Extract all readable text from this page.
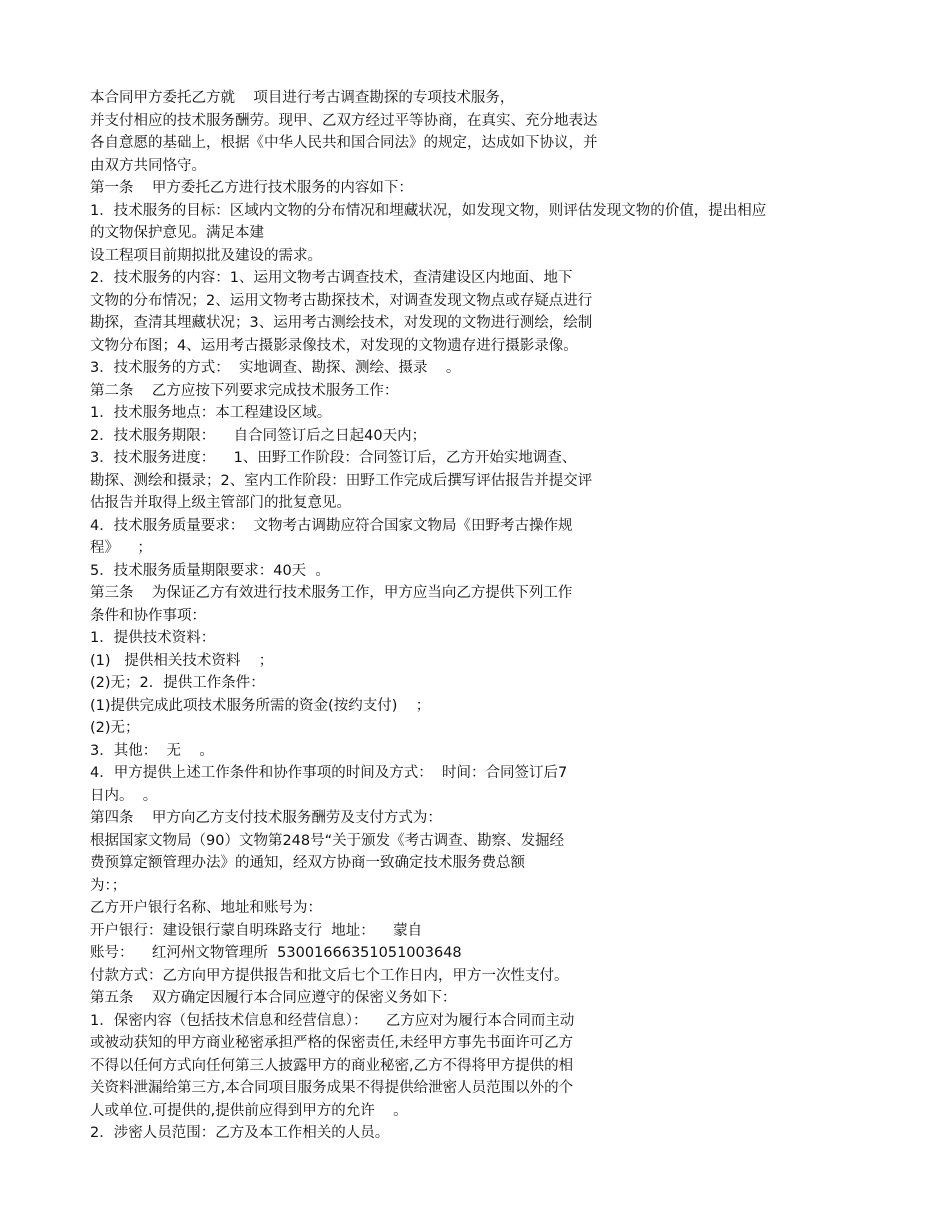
本合同甲方委托乙方就    项目进行考古调查勘探的专项技术服务，
并支付相应的技术服务酬劳。现甲、乙双方经过平等协商，在真实、充分地表达
各自意愿的基础上，根据《中华人民共和国合同法》的规定，达成如下协议，并
由双方共同恪守。
第一条    甲方委托乙方进行技术服务的内容如下：
1．技术服务的目标：区域内文物的分布情况和埋藏状况，如发现文物，则评估发现文物的价值，提出相应
的文物保护意见。满足本建
设工程项目前期拟批及建设的需求。
2．技术服务的内容：1、运用文物考古调查技术，查清建设区内地面、地下
文物的分布情况；2、运用文物考古勘探技术，对调查发现文物点或存疑点进行
勘探，查清其埋藏状况；3、运用考古测绘技术，对发现的文物进行测绘，绘制
文物分布图；4、运用考古摄影录像技术，对发现的文物遗存进行摄影录像。
3．技术服务的方式：  实地调查、勘探、测绘、摄录    。
第二条    乙方应按下列要求完成技术服务工作：
1．技术服务地点：本工程建设区域。
2．技术服务期限：    自合同签订后之日起40天内；
3．技术服务进度：    1、田野工作阶段：合同签订后，乙方开始实地调查、
勘探、测绘和摄录；2、室内工作阶段：田野工作完成后撰写评估报告并提交评
估报告并取得上级主管部门的批复意见。
4．技术服务质量要求：  文物考古调勘应符合国家文物局《田野考古操作规
程》    ；
5．技术服务质量期限要求：40天  。
第三条    为保证乙方有效进行技术服务工作，甲方应当向乙方提供下列工作
条件和协作事项：
1．提供技术资料：
(1)   提供相关技术资料    ；
(2)无；2．提供工作条件：
(1)提供完成此项技术服务所需的资金(按约支付)    ；
(2)无；
3．其他：  无    。
4．甲方提供上述工作条件和协作事项的时间及方式：  时间：合同签订后7
日内。  。
第四条    甲方向乙方支付技术服务酬劳及支付方式为：
根据国家文物局（90）文物第248号“关于颁发《考古调查、勘察、发掘经
费预算定额管理办法》的通知，经双方协商一致确定技术服务费总额
为：；
乙方开户银行名称、地址和账号为：
开户银行：建设银行蒙自明珠路支行  地址：    蒙自
账号：    红河州文物管理所  53001666351051003648
付款方式：乙方向甲方提供报告和批文后七个工作日内，甲方一次性支付。
第五条    双方确定因履行本合同应遵守的保密义务如下：
1．保密内容（包括技术信息和经营信息）：    乙方应对为履行本合同而主动
或被动获知的甲方商业秘密承担严格的保密责任,未经甲方事先书面许可乙方
不得以任何方式向任何第三人披露甲方的商业秘密,乙方不得将甲方提供的相
关资料泄漏给第三方,本合同项目服务成果不得提供给泄密人员范围以外的个
人或单位.可提供的,提供前应得到甲方的允许    。
2．涉密人员范围：乙方及本工作相关的人员。
